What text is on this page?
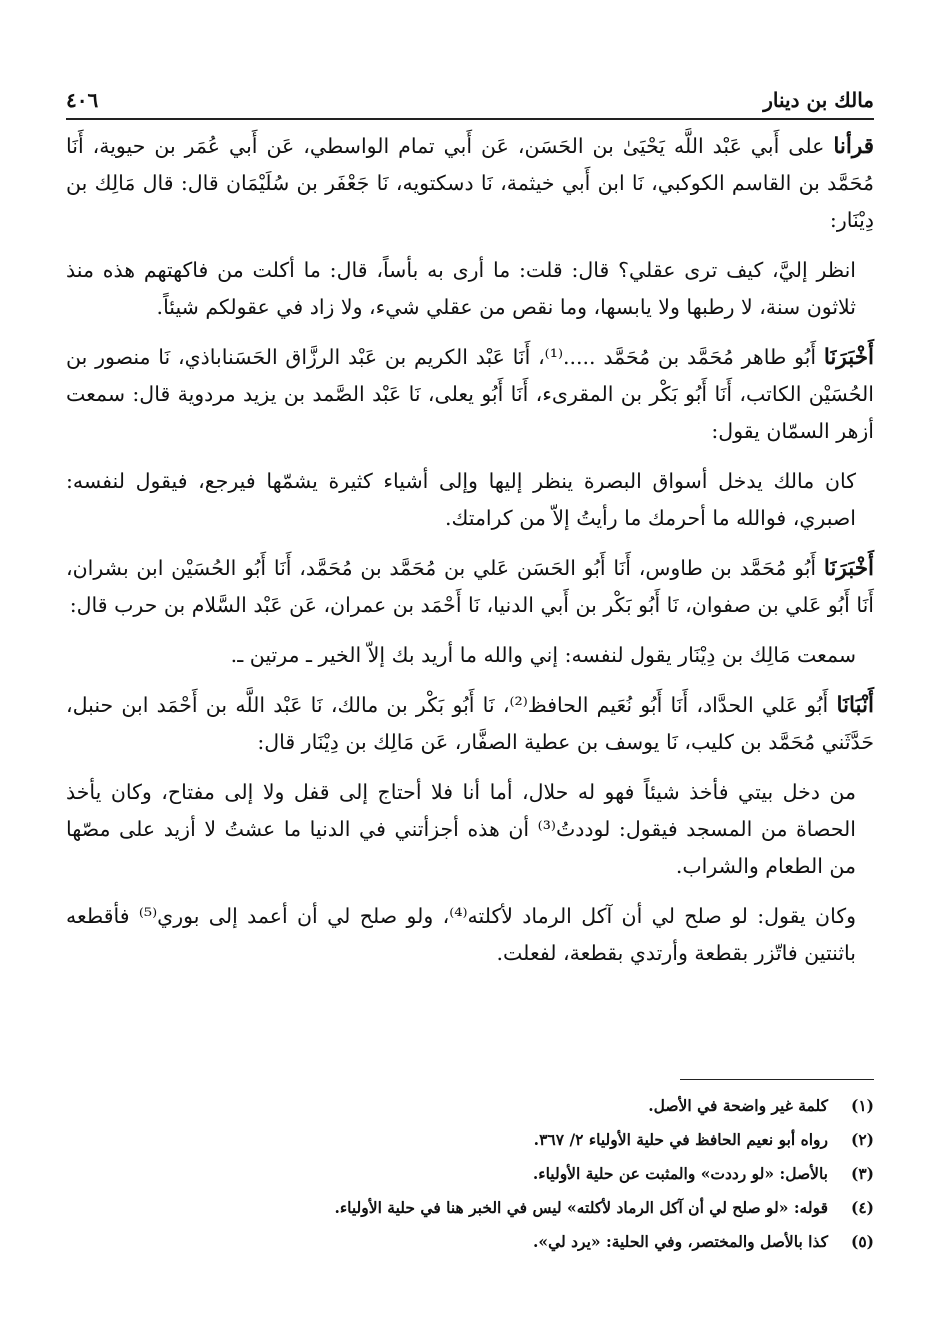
مالك بن دينار
٤٠٦

قرأنا على أَبي عَبْد اللَّه يَحْيَىٰ بن الحَسَن، عَن أَبي تمام الواسطي، عَن أَبي عُمَر بن حيوية، أَنَا مُحَمَّد بن القاسم الكوكبي، نَا ابن أَبي خيثمة، نَا دسكتويه، نَا جَعْفَر بن سُلَيْمَان قال: قال مَالِك بن دِيْنَار:

انظر إليَّ، كيف ترى عقلي؟ قال: قلت: ما أرى به بأساً، قال: ما أكلت من فاكهتهم هذه منذ ثلاثون سنة، لا رطبها ولا يابسها، وما نقص من عقلي شيء، ولا زاد في عقولكم شيئاً.

أَخْبَرَنَا أَبُو طاهر مُحَمَّد بن مُحَمَّد .....⁽¹⁾، أَنَا عَبْد الكريم بن عَبْد الرزَّاق الحَسَناباذي، نَا منصور بن الحُسَيْن الكاتب، أَنَا أَبُو بَكْر بن المقرىء، أَنَا أَبُو يعلى، نَا عَبْد الصَّمد بن يزيد مردوية قال: سمعت أزهر السمّان يقول:

كان مالك يدخل أسواق البصرة ينظر إليها وإلى أشياء كثيرة يشمّها فيرجع، فيقول لنفسه: اصبري، فوالله ما أحرمك ما رأيتُ إلاّ من كرامتك.

أَخْبَرَنَا أَبُو مُحَمَّد بن طاوس، أَنَا أَبُو الحَسَن عَلي بن مُحَمَّد بن مُحَمَّد، أَنَا أَبُو الحُسَيْن ابن بشران، أَنَا أَبُو عَلي بن صفوان، نَا أَبُو بَكْر بن أَبي الدنيا، نَا أَحْمَد بن عمران، عَن عَبْد السَّلام بن حرب قال:

سمعت مَالِك بن دِيْنَار يقول لنفسه: إني والله ما أريد بك إلاّ الخير ـ مرتين ـ.

أَنْبَانَا أَبُو عَلي الحدَّاد، أَنَا أَبُو نُعَيم الحافظ⁽²⁾، نَا أَبُو بَكْر بن مالك، نَا عَبْد اللَّه بن أَحْمَد ابن حنبل، حَدَّثَني مُحَمَّد بن كليب، نَا يوسف بن عطية الصفَّار، عَن مَالِك بن دِيْنَار قال:

من دخل بيتي فأخذ شيئاً فهو له حلال، أما أنا فلا أحتاج إلى قفل ولا إلى مفتاح، وكان يأخذ الحصاة من المسجد فيقول: لوددتُ⁽³⁾ أن هذه أجزأتني في الدنيا ما عشتُ لا أزيد على مصّها من الطعام والشراب.

وكان يقول: لو صلح لي أن آكل الرماد لأكلته⁽⁴⁾، ولو صلح لي أن أعمد إلى بوري⁽⁵⁾ فأقطعه باثنتين فاتّزر بقطعة وأرتدي بقطعة، لفعلت.

(١)
كلمة غير واضحة في الأصل.
(٢)
رواه أبو نعيم الحافظ في حلية الأولياء ٢/ ٣٦٧.
(٣)
بالأصل: «لو رددت» والمثبت عن حلية الأولياء.
(٤)
قوله: «لو صلح لي أن آكل الرماد لأكلته» ليس في الخبر هنا في حلية الأولياء.
(٥)
كذا بالأصل والمختصر، وفي الحلية: «يرد لي».
